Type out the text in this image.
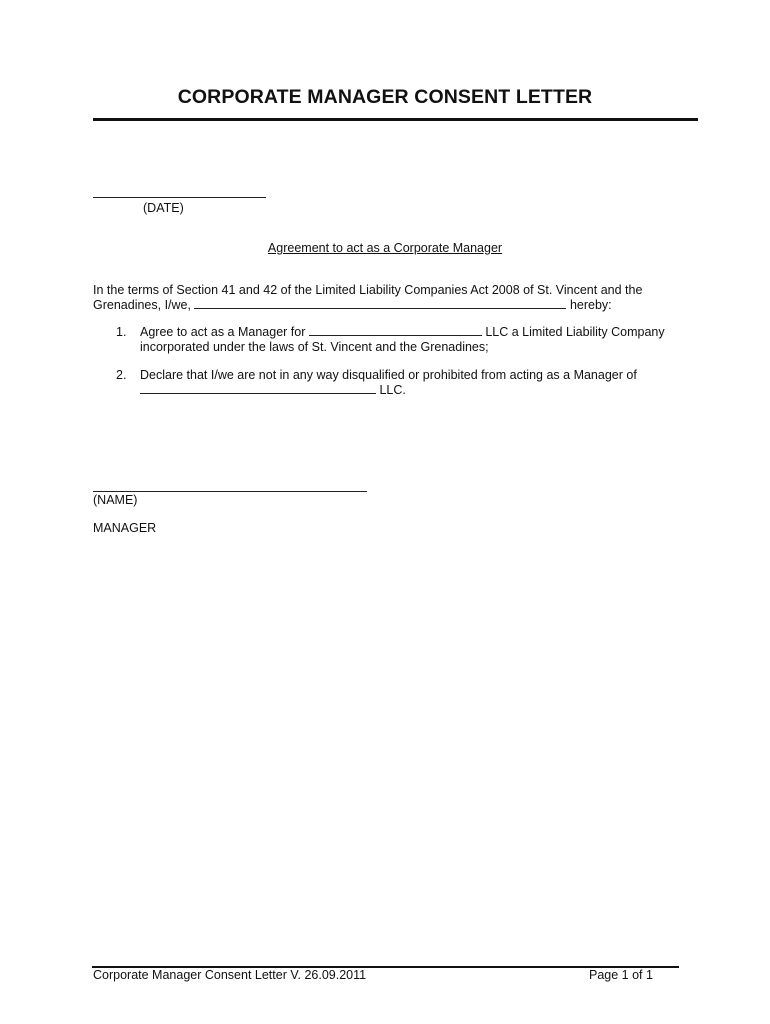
CORPORATE MANAGER CONSENT LETTER
(DATE)
Agreement to act as a Corporate Manager
In the terms of Section 41 and 42 of the Limited Liability Companies Act 2008 of St. Vincent and the
Grenadines, I/we,	hereby:
1. Agree to act as a Manager for	LLC a Limited Liability Company
incorporated under the laws of St. Vincent and the Grenadines;
2. Declare that I/we are not in any way disqualified or prohibited from acting as a Manager of
LLC.
(NAME)
MANAGER
Corporate Manager Consent Letter V. 26.09.2011	Page 1 of 1
